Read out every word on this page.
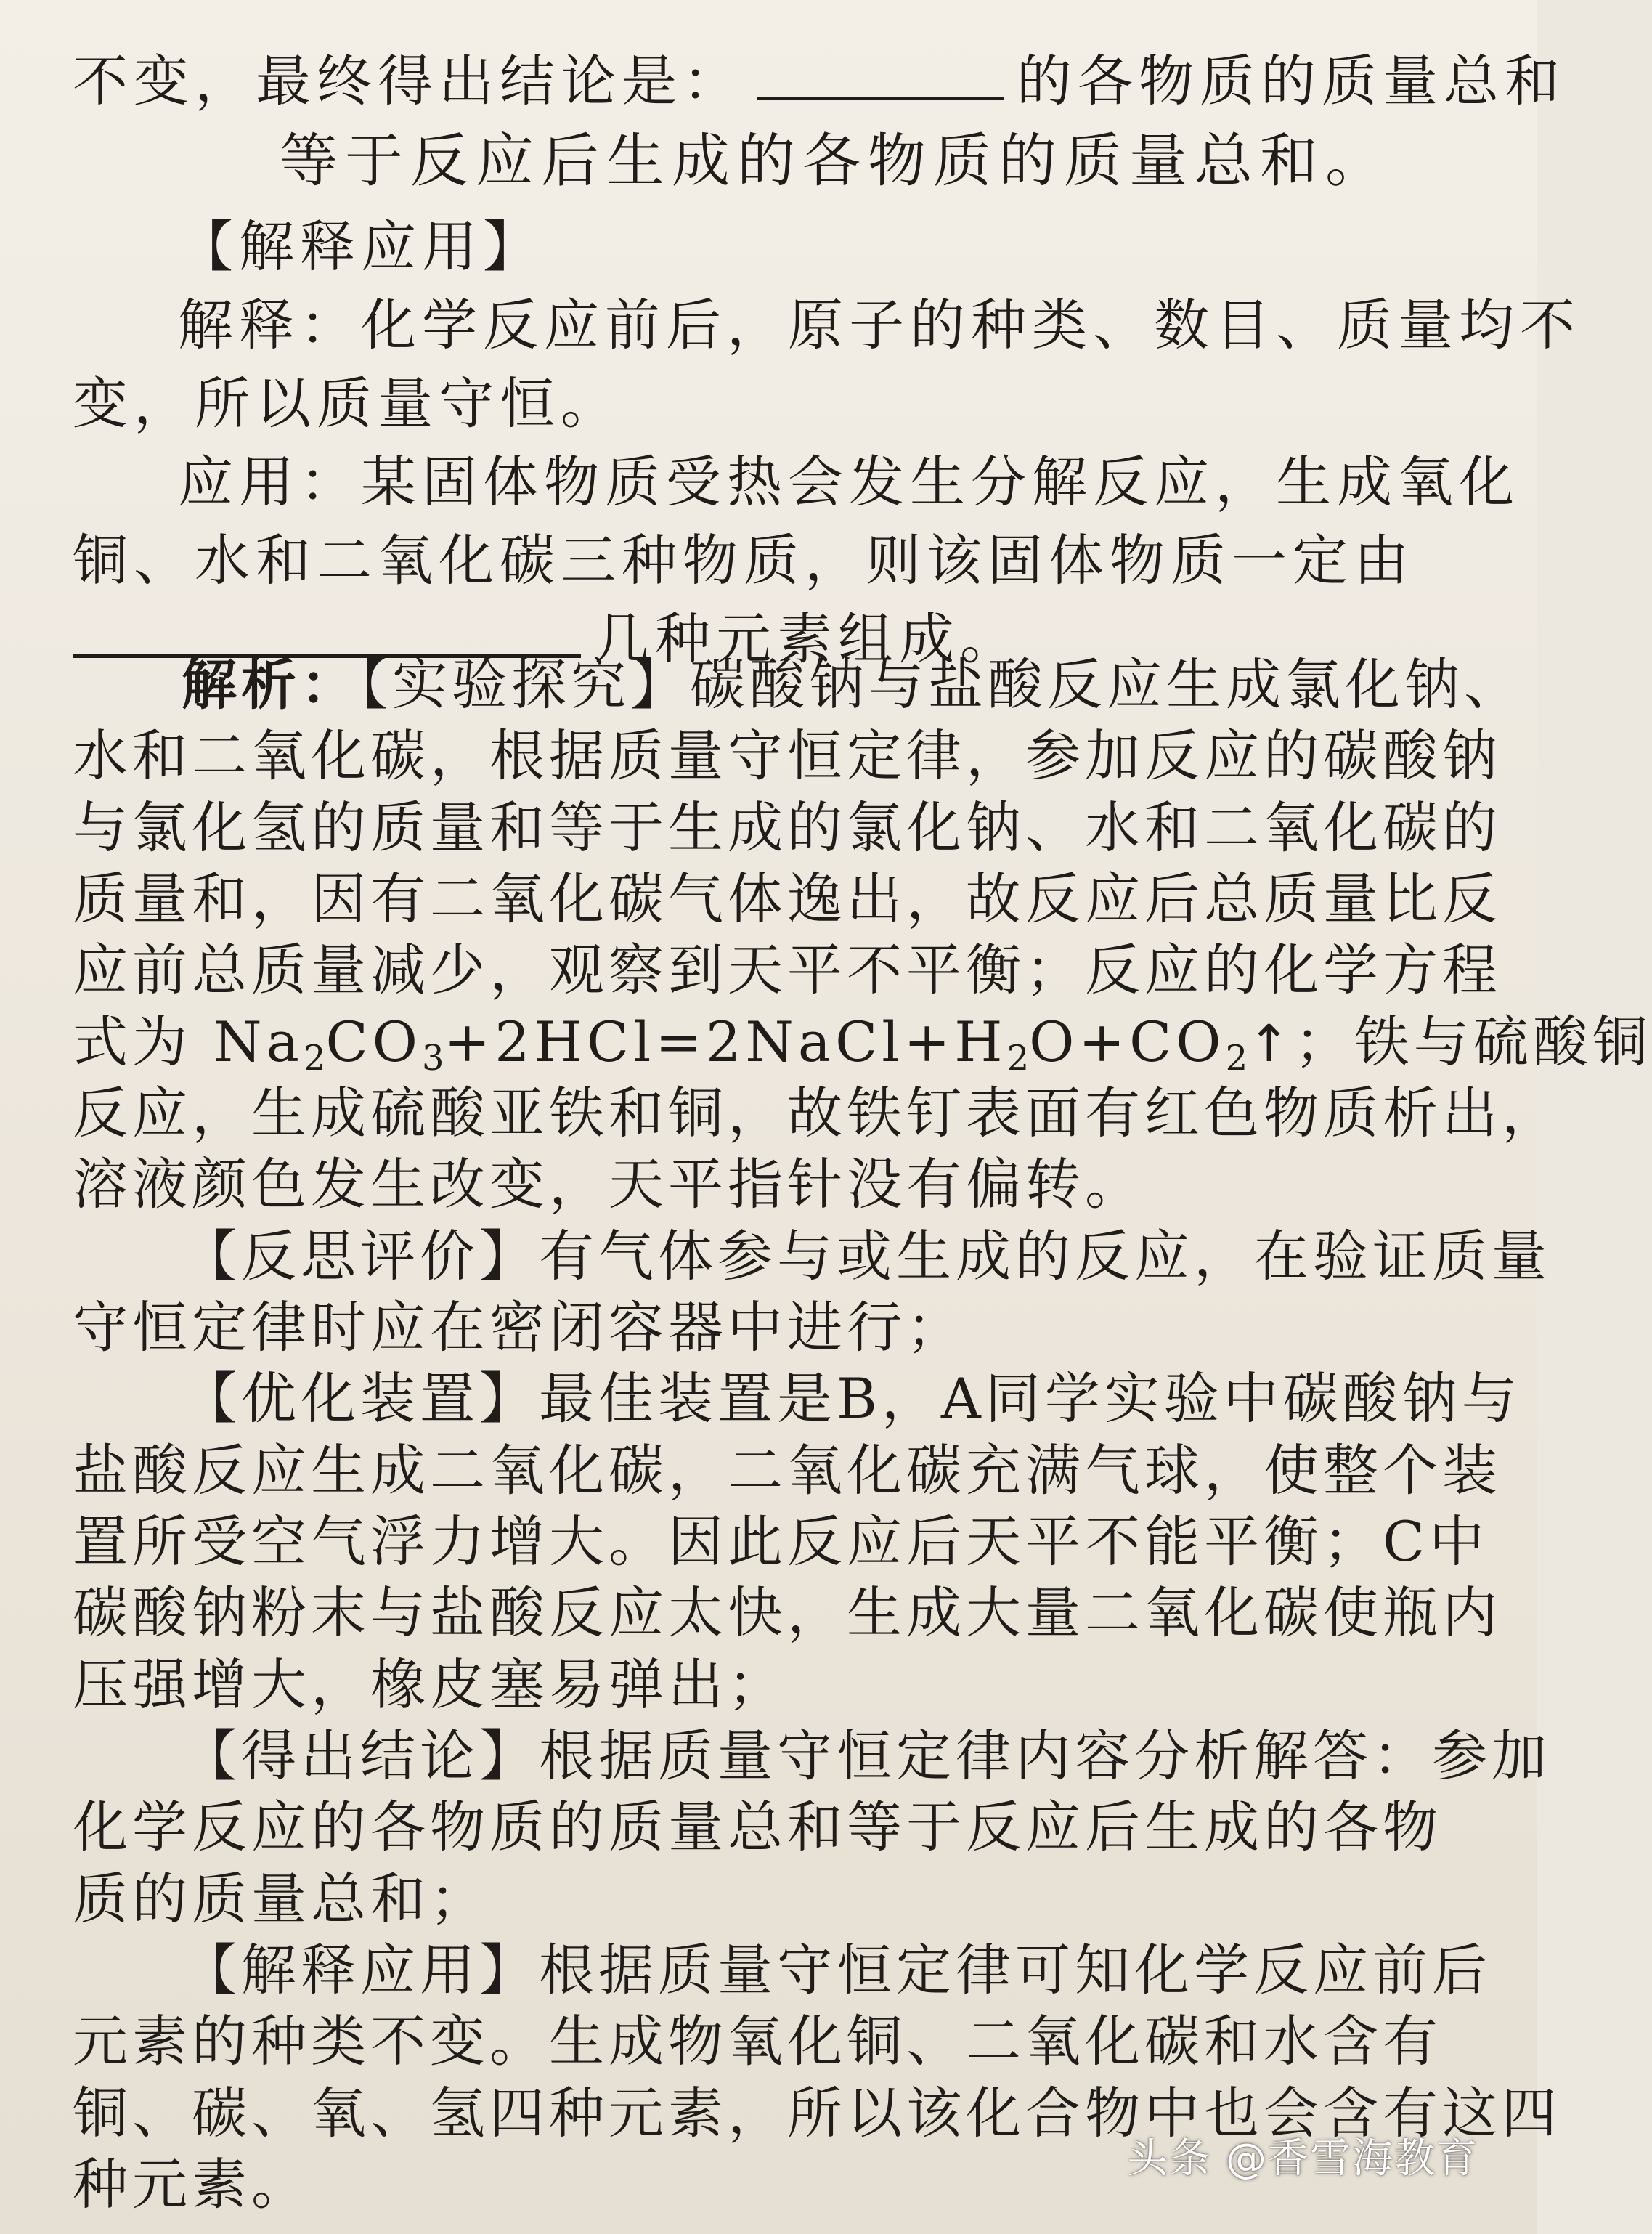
不变，最终得出结论是：	的各物质的质量总和
等于反应后生成的各物质的质量总和。
【解释应用】
解释：化学反应前后，原子的种类、数目、质量均不
变，所以质量守恒。
应用：某固体物质受热会发生分解反应，生成氧化
铜、水和二氧化碳三种物质，则该固体物质一定由
几种元素组成。
解析：【实验探究】碳酸钠与盐酸反应生成氯化钠、
水和二氧化碳，根据质量守恒定律，参加反应的碳酸钠
与氯化氢的质量和等于生成的氯化钠、水和二氧化碳的
质量和，因有二氧化碳气体逸出，故反应后总质量比反
应前总质量减少，观察到天平不平衡；反应的化学方程
式为 $Na_2CO_3+2HCl=2NaCl+H_2O+CO_2↑$；铁与硫酸铜
反应，生成硫酸亚铁和铜，故铁钉表面有红色物质析出，
溶液颜色发生改变，天平指针没有偏转。
【反思评价】有气体参与或生成的反应，在验证质量
守恒定律时应在密闭容器中进行；
【优化装置】最佳装置是B，A同学实验中碳酸钠与
盐酸反应生成二氧化碳，二氧化碳充满气球，使整个装
置所受空气浮力增大。因此反应后天平不能平衡；C中
碳酸钠粉末与盐酸反应太快，生成大量二氧化碳使瓶内
压强增大，橡皮塞易弹出；
【得出结论】根据质量守恒定律内容分析解答：参加
化学反应的各物质的质量总和等于反应后生成的各物
质的质量总和；
【解释应用】根据质量守恒定律可知化学反应前后
元素的种类不变。生成物氧化铜、二氧化碳和水含有
铜、碳、氧、氢四种元素，所以该化合物中也会含有这四
种元素。	头条 @香雪海教育
